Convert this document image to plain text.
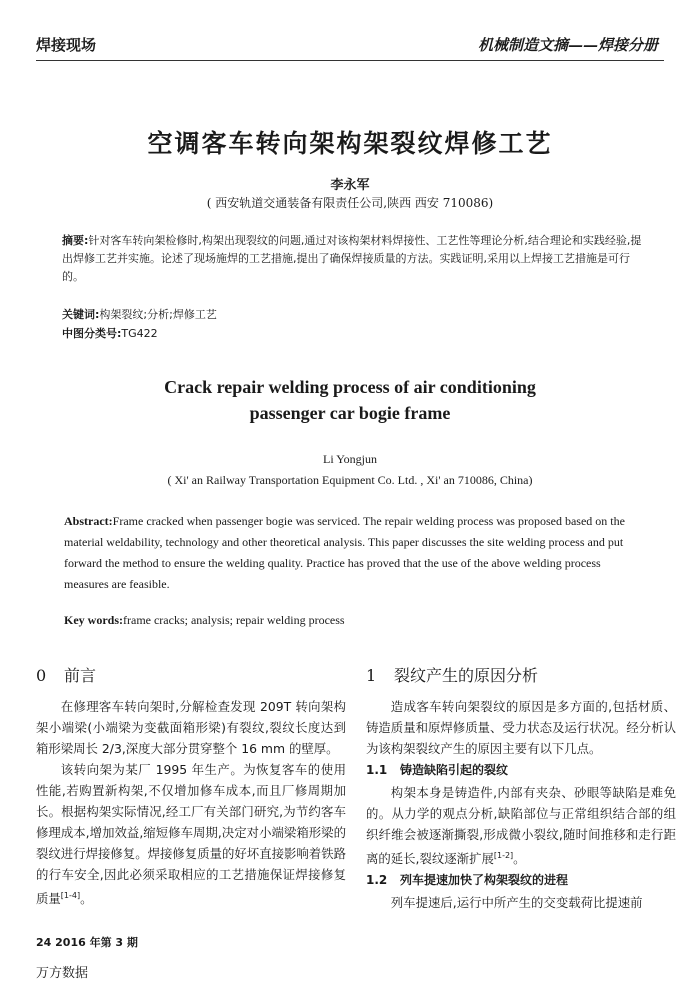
焊接现场	机械制造文摘——焊接分册
空调客车转向架构架裂纹焊修工艺
李永军
( 西安轨道交通装备有限责任公司,陕西 西安 710086)
摘要:针对客车转向架检修时,构架出现裂纹的问题,通过对该构架材料焊接性、工艺性等理论分析,结合理论和实践经验,提出焊修工艺并实施。论述了现场施焊的工艺措施,提出了确保焊接质量的方法。实践证明,采用以上焊接工艺措施是可行的。
关键词:构架裂纹;分析;焊修工艺
中图分类号:TG422
Crack repair welding process of air conditioning
passenger car bogie frame
Li Yongjun
( Xi' an Railway Transportation Equipment Co. Ltd. , Xi' an 710086, China)
Abstract:Frame cracked when passenger bogie was serviced. The repair welding process was proposed based on the material weldability, technology and other theoretical analysis. This paper discusses the site welding process and put forward the method to ensure the welding quality. Practice has proved that the use of the above welding process measures are feasible.
Key words:frame cracks; analysis; repair welding process
0 前言

在修理客车转向架时,分解检查发现 209T 转向架构架小端梁(小端梁为变截面箱形梁)有裂纹,裂纹长度达到箱形梁周长 2/3,深度大部分贯穿整个 16 mm 的壁厚。

该转向架为某厂 1995 年生产。为恢复客车的使用性能,若购置新构架,不仅增加修车成本,而且厂修周期加长。根据构架实际情况,经工厂有关部门研究,为节约客车修理成本,增加效益,缩短修车周期,决定对小端梁箱形梁的裂纹进行焊接修复。焊接修复质量的好坏直接影响着铁路的行车安全,因此必须采取相应的工艺措施保证焊接修复质量[1-4]。

1 裂纹产生的原因分析

造成客车转向架裂纹的原因是多方面的,包括材质、铸造质量和原焊修质量、受力状态及运行状况。经分析认为该构架裂纹产生的原因主要有以下几点。

1.1 铸造缺陷引起的裂纹

构架本身是铸造件,内部有夹杂、砂眼等缺陷是难免的。从力学的观点分析,缺陷部位与正常组织结合部的组织纤维会被逐渐撕裂,形成微小裂纹,随时间推移和走行距离的延长,裂纹逐渐扩展[1-2]。

1.2 列车提速加快了构架裂纹的进程

列车提速后,运行中所产生的交变载荷比提速前

24 2016 年第 3 期
万方数据
